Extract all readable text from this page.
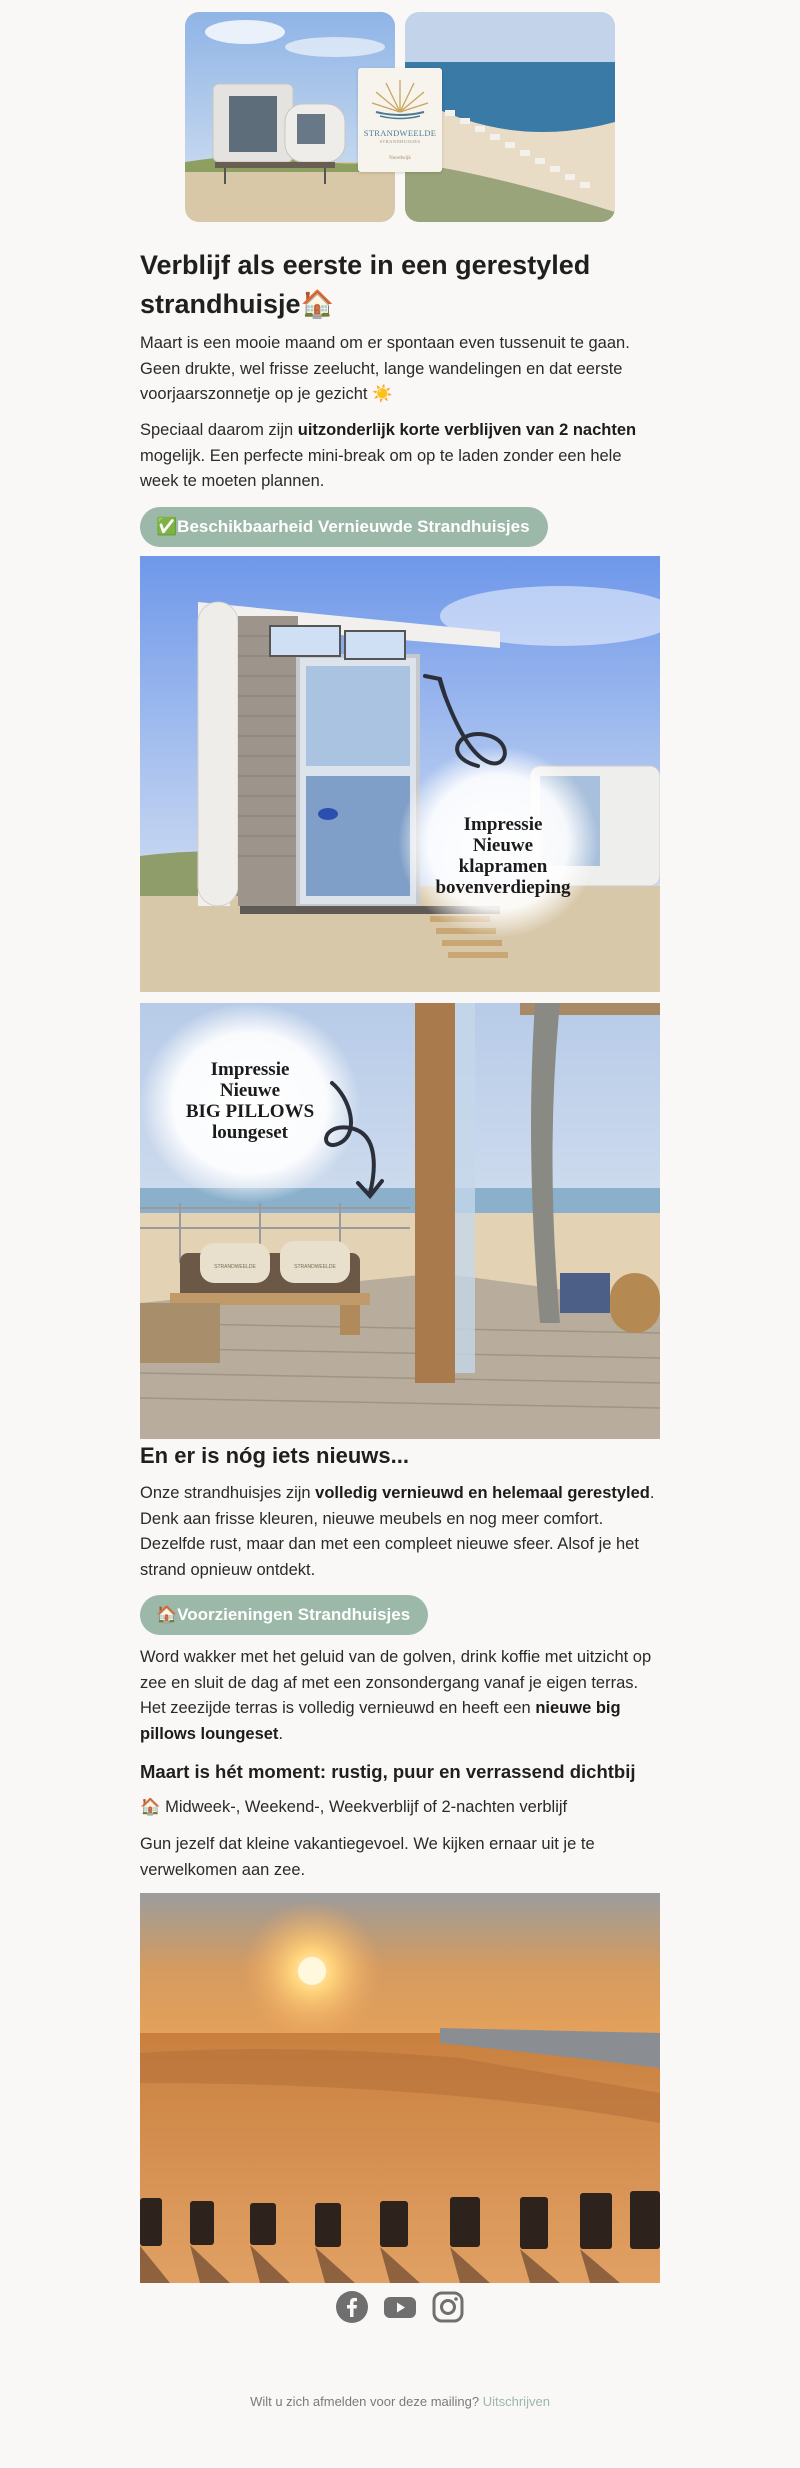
STRANDWEELDE
STRANDHUISJES
Noordwijk
Verblijf als eerste in een gerestyled strandhuisje🏠

Maart is een mooie maand om er spontaan even tussenuit te gaan. Geen drukte, wel frisse zeelucht, lange wandelingen en dat eerste voorjaarszonnetje op je gezicht ☀️

Speciaal daarom zijn uitzonderlijk korte verblijven van 2 nachten mogelijk. Een perfecte mini-break om op te laden zonder een hele week te moeten plannen.

✅Beschikbaarheid Vernieuwde Strandhuisjes
Impressie
Nieuwe
klapramen
bovenverdieping
Impressie
Nieuwe
BIG PILLOWS
loungeset
STRANDWEELDE	STRANDWEELDE
En er is nóg iets nieuws...

Onze strandhuisjes zijn volledig vernieuwd en helemaal gerestyled. Denk aan frisse kleuren, nieuwe meubels en nog meer comfort. Dezelfde rust, maar dan met een compleet nieuwe sfeer. Alsof je het strand opnieuw ontdekt.

🏠Voorzieningen Strandhuisjes

Word wakker met het geluid van de golven, drink koffie met uitzicht op zee en sluit de dag af met een zonsondergang vanaf je eigen terras. Het zeezijde terras is volledig vernieuwd en heeft een nieuwe big pillows loungeset.

Maart is hét moment: rustig, puur en verrassend dichtbij

🏠 Midweek-, Weekend-, Weekverblijf of 2-nachten verblijf

Gun jezelf dat kleine vakantiegevoel. We kijken ernaar uit je te verwelkomen aan zee.

Wilt u zich afmelden voor deze mailing? Uitschrijven
